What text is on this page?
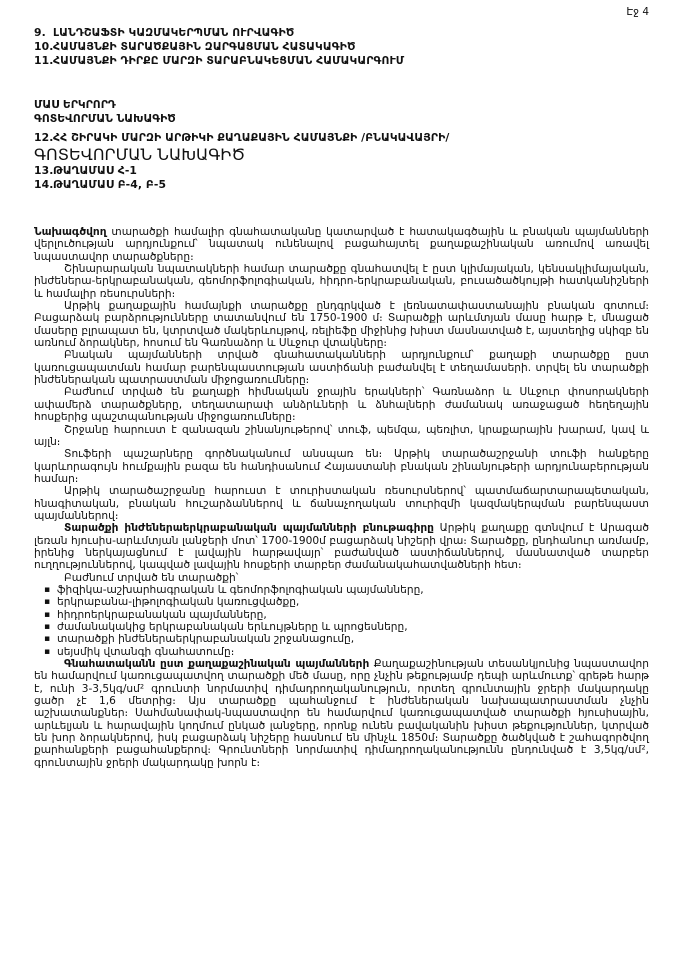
Էջ 4
9. ԼԱՆԴՇԱՖՏԻ ԿԱԶՄԱԿԵՐՊՄԱՆ ՈՒՐՎԱԳԻԾ
10. ՀԱՄԱՅՆՔԻ ՏԱՐԱԾՔԱՅԻՆ ԶԱՐԳԱՑՄԱՆ ՀԱՏԱԿԱԳԻԾ
11. ՀԱՄԱՅՆՔԻ ԴԻՐՔԸ ՄԱՐԶԻ ՏԱՐԱԲՆԱԿԵՑՄԱՆ ՀԱՄԱԿԱՐԳՈՒՄ
ՄԱՍ ԵՐԿՐՈՐԴ
ԳՈՏԵՎՈՐՄԱՆ ՆԱԽԱԳԻԾ
12. ՀՀ ՇԻՐԱԿԻ ՄԱՐԶԻ ԱՐԹԻԿԻ ՔԱՂԱՔԱՅԻՆ ՀԱՄԱՅՆՔԻ /ԲՆԱԿԱՎԱՅՐԻ/
ԳՈՏԵՎՈՐՄԱՆ ՆԱԽԱԳԻԾ
13. ԹԱՂԱՄԱՍ Հ-1
14. ԹԱՂԱՄԱՍ Բ-4, Բ-5

Նախագծվող տարածքի համալիր գնահատականը կատարված է հատակագծային և բնական պայմանների վերլուծության արդյունքում՝ նպատակ ունենալով բացահայտել քաղաքաշինական առումով առավել նպաստավոր տարածքները։

Շինարարական նպատակների համար տարածքը գնահատվել է ըստ կլիմայական, կենսակլիմայական, ինժեներա-երկրաբանական, գեոմորֆոլոգիական, հիդրո-երկրաբանական, բուսածածկույթի հատկանիշների և համալիր ռեսուրսների։

Արթիկ քաղաքային համայնքի տարածքը ընդգրկված է լեռնատափաստանային բնական գոտում։ Բացարձակ բարձրությունները տատանվում են 1750-1900 մ։ Տարածքի արևմտյան մասը հարթ է, մնացած մասերը բլրապատ են, կտրտված մակերևույթով, ռելիեֆը միջինից խիստ մասնատված է, այստեղից սկիզբ են առնում ձորակներ, հոսում են Գառնաձոր և Սևջուր վտակները։

Բնական պայմանների տրված գնահատականների արդյունքում՝ քաղաքի տարածքը ըստ կառուցապատման համար բարենպաստության աստիճանի բաժանվել է տեղամասերի. տրվել են տարածքի ինժեներական պատրաստման միջոցառումները։

Բաժնում տրված են քաղաքի հիմնական ջրային երակների՝ Գառնաձոր և Սևջուր փոսորակների ափամերձ տարածքները, տեղատարափ անձրևների և ձնհալների ժամանակ առաջացած հեղեղային հոսքերից պաշտպանության միջոցառումները։

Շրջանը հարուստ է զանազան շինանյութերով՝ տուֆ, պեմզա, պեռլիտ, կրաքարային խարամ, կավ և այլն։

Տուֆերի պաշարները գործնականում անսպառ են։ Արթիկ տարածաշրջանի տուֆի հանքերը կարևորագույն հումքային բազա են հանդիսանում Հայաստանի բնական շինանյութերի արդյունաբերության համար։

Արթիկ տարածաշրջանը հարուստ է տուրիստական ռեսուրսներով՝ պատմաճարտարապետական, հնագիտական, բնական հուշարձաններով և ճանաչողական տուրիզմի կազմակերպման բարենպաստ պայմաններով։

Տարածքի ինժեներաերկրաբանական պայմանների բնութագիրը Արթիկ քաղաքը գտնվում է Արագած լեռան հյուսիս-արևմտյան լանջերի մոտ՝ 1700-1900մ բացարձակ նիշերի վրա։ Տարածքը, ընդհանուր առմամբ, իրենից ներկայացնում է լավային հարթավայր՝ բաժանված աստիճաններով, մասնատված տարբեր ուղղություններով, կապված լավային հոսքերի տարբեր ժամանակահատվածների հետ։

Բաժնում տրված են տարածքի՝

▪ ֆիզիկա-աշխարհագրական և գեոմորֆոլոգիական պայմանները,
▪ երկրաբանա-լիթոլոգիական կառուցվածքը,
▪ հիդրոերկրաբանական պայմանները,
▪ ժամանակակից երկրաբանական երևույթները և պրոցեսները,
▪ տարածքի ինժեներաերկրաբանական շրջանացումը,
▪ սեյսմիկ վտանգի գնահատումը։

Գնահատականն ըստ քաղաքաշինական պայմանների Քաղաքաշինության տեսանկյունից նպաստավոր են համարվում կառուցապատվող տարածքի մեծ մասը, որը չնչին թեքությամբ դեպի արևմուտք՝ գրեթե հարթ է, ունի 3-3,5կգ/սմ² գրունտի նորմատիվ դիմադրողականություն, որտեղ գրունտային ջրերի մակարդակը ցածր չէ 1,6 մետրից։ Այս տարածքը պահանջում է ինժեներական նախապատրաստման չնչին աշխատանքներ։ Սահմանափակ-նպաստավոր են համարվում կառուցապատված տարածքի հյուսիսային, արևելյան և հարավային կողմում ընկած լանջերը, որոնք ունեն բավականին խիստ թեքություններ, կտրված են խոր ձորակներով, իսկ բացարձակ նիշերը հասնում են մինչև 1850մ։ Տարածքը ծածկված է շահագործվող քարհանքերի բացահանքերով։ Գրունտների նորմատիվ դիմադրողականությունն ընդունված է 3,5կգ/սմ², գրունտային ջրերի մակարդակը խորն է։
